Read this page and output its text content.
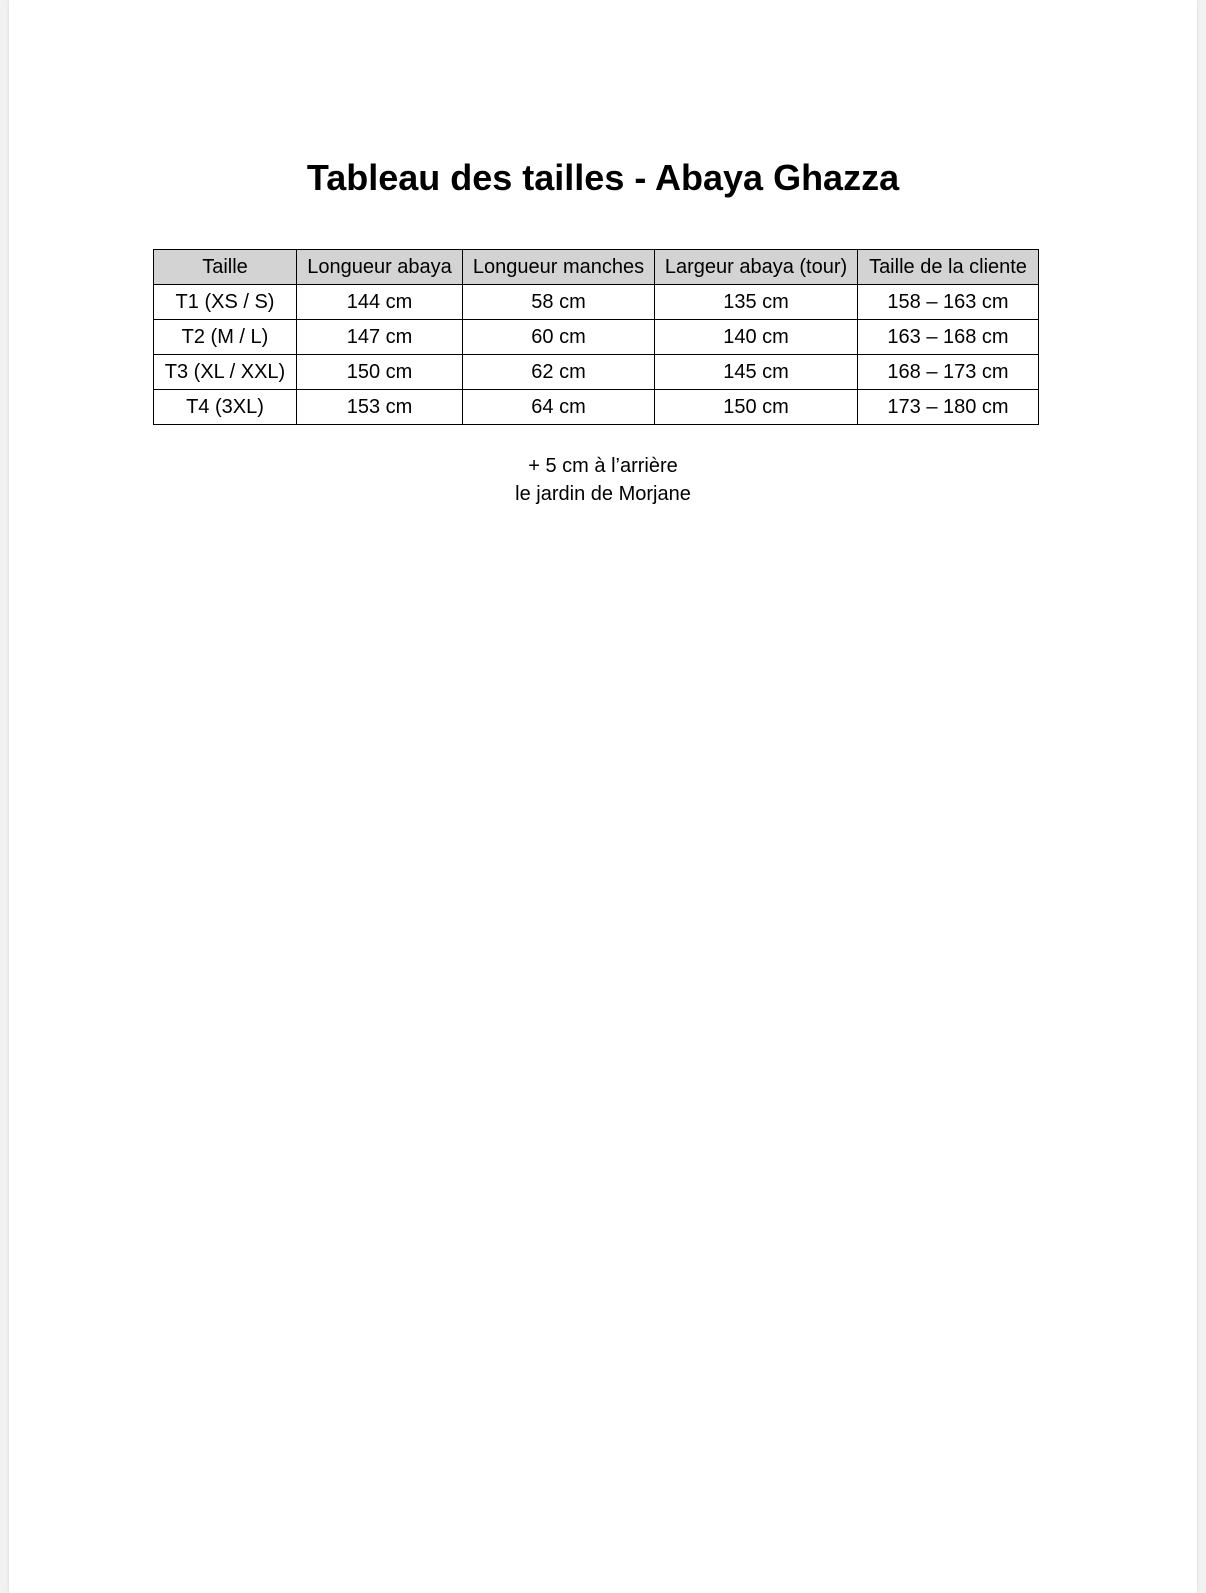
Tableau des tailles - Abaya Ghazza
Taille	Longueur abaya	Longueur manches	Largeur abaya (tour)	Taille de la cliente
T1 (XS / S)	144 cm	58 cm	135 cm	158 – 163 cm
T2 (M / L)	147 cm	60 cm	140 cm	163 – 168 cm
T3 (XL / XXL)	150 cm	62 cm	145 cm	168 – 173 cm
T4 (3XL)	153 cm	64 cm	150 cm	173 – 180 cm
+ 5 cm à l’arrière
le jardin de Morjane
